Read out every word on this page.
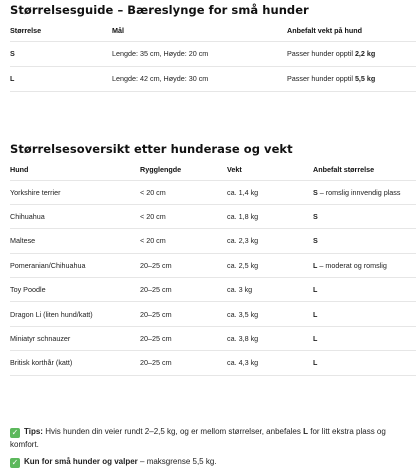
Størrelsesguide – Bæreslynge for små hunder
Størrelse	Mål	Anbefalt vekt på hund
S	Lengde: 35 cm, Høyde: 20 cm	Passer hunder opptil 2,2 kg
L	Lengde: 42 cm, Høyde: 30 cm	Passer hunder opptil 5,5 kg
Størrelsesoversikt etter hunderase og vekt
Hund	Rygglengde	Vekt	Anbefalt størrelse
Yorkshire terrier	< 20 cm	ca. 1,4 kg	S – romslig innvendig plass
Chihuahua	< 20 cm	ca. 1,8 kg	S
Maltese	< 20 cm	ca. 2,3 kg	S
Pomeranian/Chihuahua	20–25 cm	ca. 2,5 kg	L – moderat og romslig
Toy Poodle	20–25 cm	ca. 3 kg	L
Dragon Li (liten hund/katt)	20–25 cm	ca. 3,5 kg	L
Miniatyr schnauzer	20–25 cm	ca. 3,8 kg	L
Britisk korthår (katt)	20–25 cm	ca. 4,3 kg	L
✓ Tips: Hvis hunden din veier rundt 2–2,5 kg, og er mellom størrelser, anbefales L for litt ekstra plass og komfort.
✓ Kun for små hunder og valper – maksgrense 5,5 kg.
